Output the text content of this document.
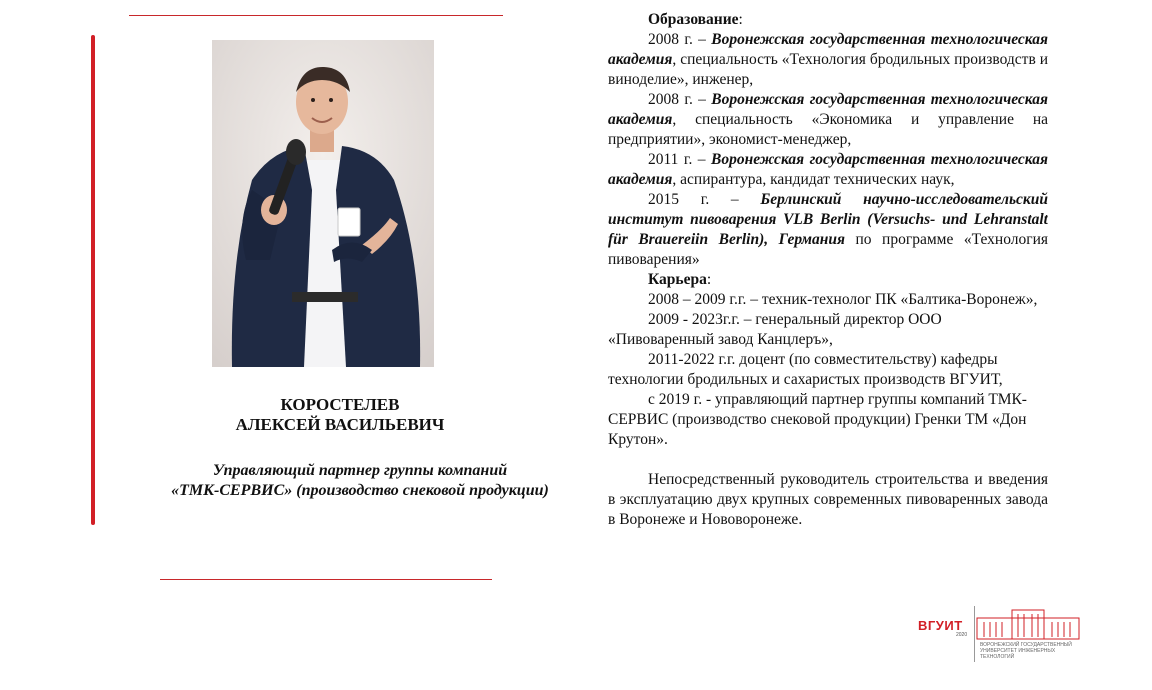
КОРОСТЕЛЕВ
АЛЕКСЕЙ ВАСИЛЬЕВИЧ
Управляющий партнер группы компаний
«ТМК-СЕРВИС» (производство снековой продукции)

Образование:

2008 г. – Воронежская государственная технологическая академия, специальность «Технология бродильных производств и виноделие», инженер,

2008 г. – Воронежская государственная технологическая академия, специальность «Экономика и управление на предприятии», экономист-менеджер,

2011 г. – Воронежская государственная технологическая академия, аспирантура, кандидат технических наук,

2015 г. – Берлинский научно-исследовательский институт пивоварения VLB Berlin (Versuchs- und Lehranstalt für Brauereiin Berlin), Германия по программе «Технология пивоварения»

Карьера:

2008 – 2009 г.г. – техник-технолог ПК «Балтика-Воронеж»,

2009 - 2023г.г. – генеральный директор ООО «Пивоваренный завод Канцлеръ»,

2011-2022 г.г. доцент (по совместительству) кафедры технологии бродильных и сахаристых производств ВГУИТ,

с 2019 г. - управляющий партнер группы компаний ТМК-СЕРВИС (производство снековой продукции) Гренки ТМ «Дон Крутон».

Непосредственный руководитель строительства и введения в эксплуатацию двух крупных современных пивоваренных завода в Воронеже и Нововоронеже.

ВГУИТ
2020
ВОРОНЕЖСКИЙ ГОСУДАРСТВЕННЫЙ УНИВЕРСИТЕТ ИНЖЕНЕРНЫХ ТЕХНОЛОГИЙ
